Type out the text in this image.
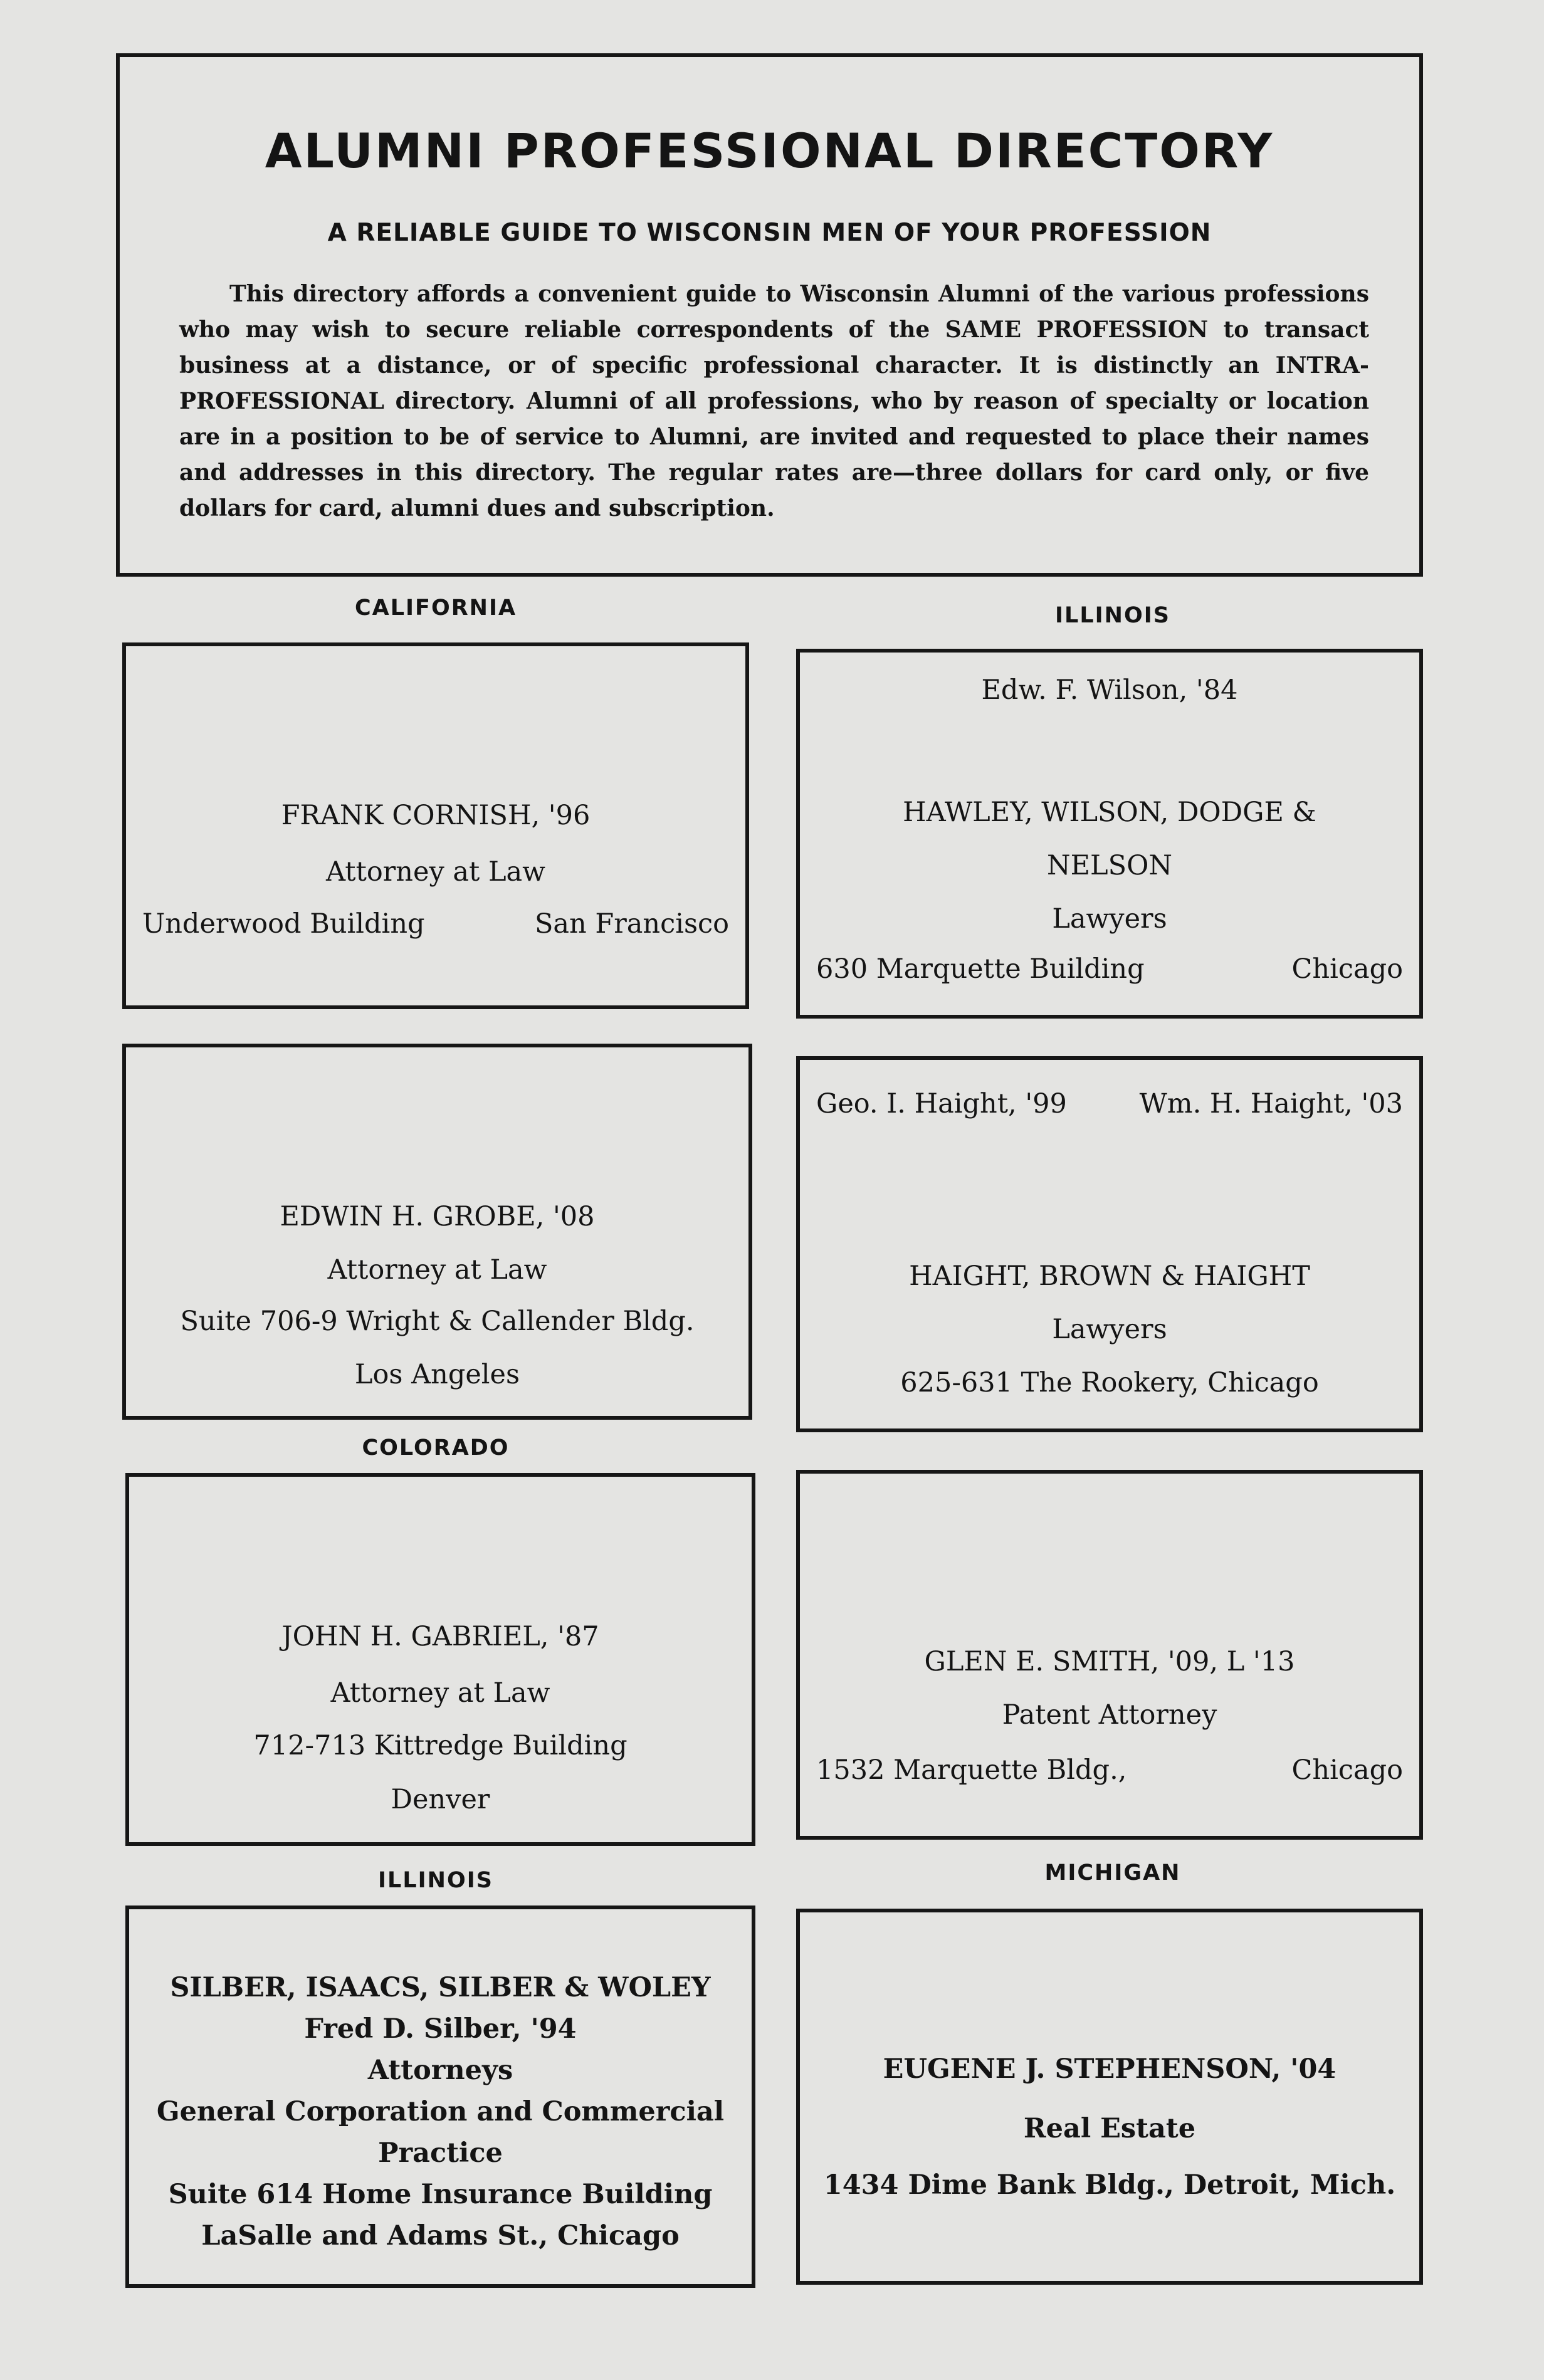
ALUMNI PROFESSIONAL DIRECTORY
A RELIABLE GUIDE TO WISCONSIN MEN OF YOUR PROFESSION
This directory affords a convenient guide to Wisconsin Alumni of the various professions who may wish to secure reliable correspondents of the SAME PROFESSION to transact business at a distance, or of specific professional character. It is distinctly an INTRA-PROFESSIONAL directory. Alumni of all professions, who by reason of specialty or location are in a position to be of service to Alumni, are invited and requested to place their names and addresses in this directory. The regular rates are—three dollars for card only, or five dollars for card, alumni dues and subscription.
CALIFORNIA	ILLINOIS
COLORADO
ILLINOIS	MICHIGAN
FRANK CORNISH, '96
Attorney at Law
Underwood Building	San Francisco
EDWIN H. GROBE, '08
Attorney at Law
Suite 706-9 Wright & Callender Bldg.
Los Angeles
JOHN H. GABRIEL, '87
Attorney at Law
712-713 Kittredge Building
Denver
SILBER, ISAACS, SILBER & WOLEY
Fred D. Silber, '94
Attorneys
General Corporation and Commercial
Practice
Suite 614 Home Insurance Building
LaSalle and Adams St., Chicago
Edw. F. Wilson, '84
HAWLEY, WILSON, DODGE &
NELSON
Lawyers
630 Marquette Building	Chicago
Geo. I. Haight, '99	Wm. H. Haight, '03
HAIGHT, BROWN & HAIGHT
Lawyers
625-631 The Rookery, Chicago
GLEN E. SMITH, '09, L '13
Patent Attorney
1532 Marquette Bldg.,	Chicago
EUGENE J. STEPHENSON, '04
Real Estate
1434 Dime Bank Bldg., Detroit, Mich.
